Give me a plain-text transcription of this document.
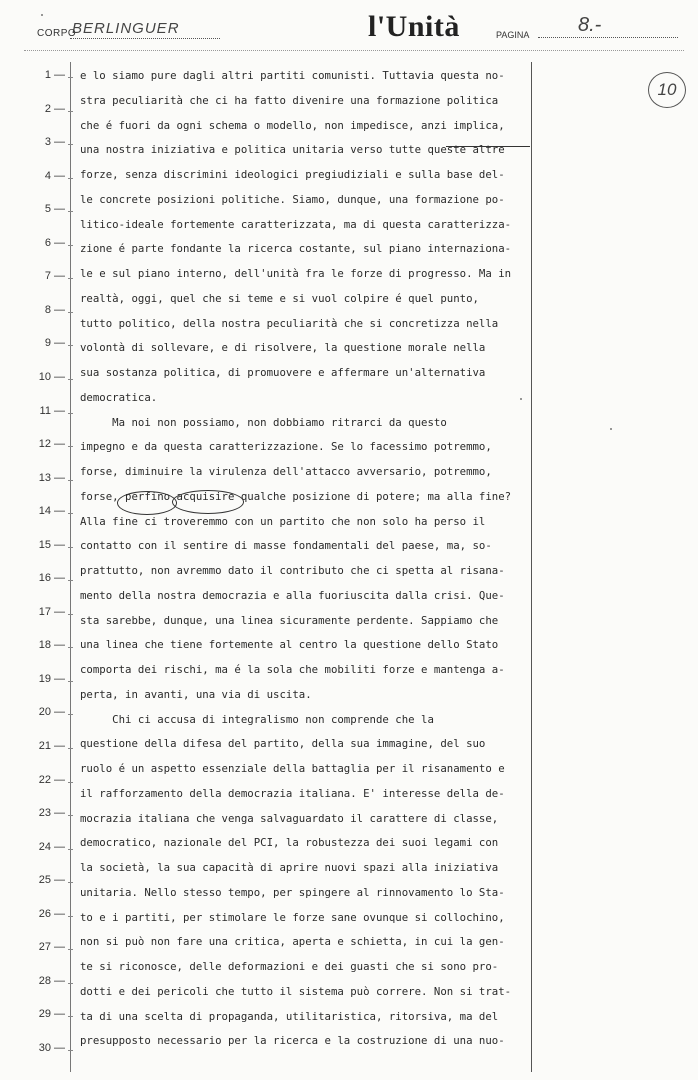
CORPO
BERLINGUER	l'Unità	PAGINA 8.-
10
1 —
2 —
3 —
4 —
5 —
6 —
7 —
8 —
9 —
10 —
11 —
12 —
13 —
14 —
15 —
16 —
17 —
18 —
19 —
20 —
21 —
22 —
23 —
24 —
25 —
26 —
27 —
28 —
29 —
30 —
e lo siamo pure dagli altri partiti comunisti. Tuttavia questa no-
stra peculiarità che ci ha fatto divenire una formazione politica
che é fuori da ogni schema o modello, non impedisce, anzi implica,
una nostra iniziativa e politica unitaria verso tutte queste altre
forze, senza discrimini ideologici pregiudiziali e sulla base del-
le concrete posizioni politiche. Siamo, dunque, una formazione po-
litico-ideale fortemente caratterizzata, ma di questa caratterizza-
zione é parte fondante la ricerca costante, sul piano internaziona-
le e sul piano interno, dell'unità fra le forze di progresso. Ma in
realtà, oggi, quel che si teme e si vuol colpire é quel punto,
tutto politico, della nostra peculiarità che si concretizza nella
volontà di sollevare, e di risolvere, la questione morale nella
sua sostanza politica, di promuovere e affermare un'alternativa
democratica.
Ma noi non possiamo, non dobbiamo ritrarci da questo
impegno e da questa caratterizzazione. Se lo facessimo potremmo,
forse, diminuire la virulenza dell'attacco avversario, potremmo,
forse, perfino acquisire qualche posizione di potere; ma alla fine?
Alla fine ci troveremmo con un partito che non solo ha perso il
contatto con il sentire di masse fondamentali del paese, ma, so-
prattutto, non avremmo dato il contributo che ci spetta al risana-
mento della nostra democrazia e alla fuoriuscita dalla crisi. Que-
sta sarebbe, dunque, una linea sicuramente perdente. Sappiamo che
una linea che tiene fortemente al centro la questione dello Stato
comporta dei rischi, ma é la sola che mobiliti forze e mantenga a-
perta, in avanti, una via di uscita.
Chi ci accusa di integralismo non comprende che la
questione della difesa del partito, della sua immagine, del suo
ruolo é un aspetto essenziale della battaglia per il risanamento e
il rafforzamento della democrazia italiana. E' interesse della de-
mocrazia italiana che venga salvaguardato il carattere di classe,
democratico, nazionale del PCI, la robustezza dei suoi legami con
la società, la sua capacità di aprire nuovi spazi alla iniziativa
unitaria. Nello stesso tempo, per spingere al rinnovamento lo Sta-
to e i partiti, per stimolare le forze sane ovunque si collochino,
non si può non fare una critica, aperta e schietta, in cui la gen-
te si riconosce, delle deformazioni e dei guasti che si sono pro-
dotti e dei pericoli che tutto il sistema può correre. Non si trat-
ta di una scelta di propaganda, utilitaristica, ritorsiva, ma del
presupposto necessario per la ricerca e la costruzione di una nuo-
